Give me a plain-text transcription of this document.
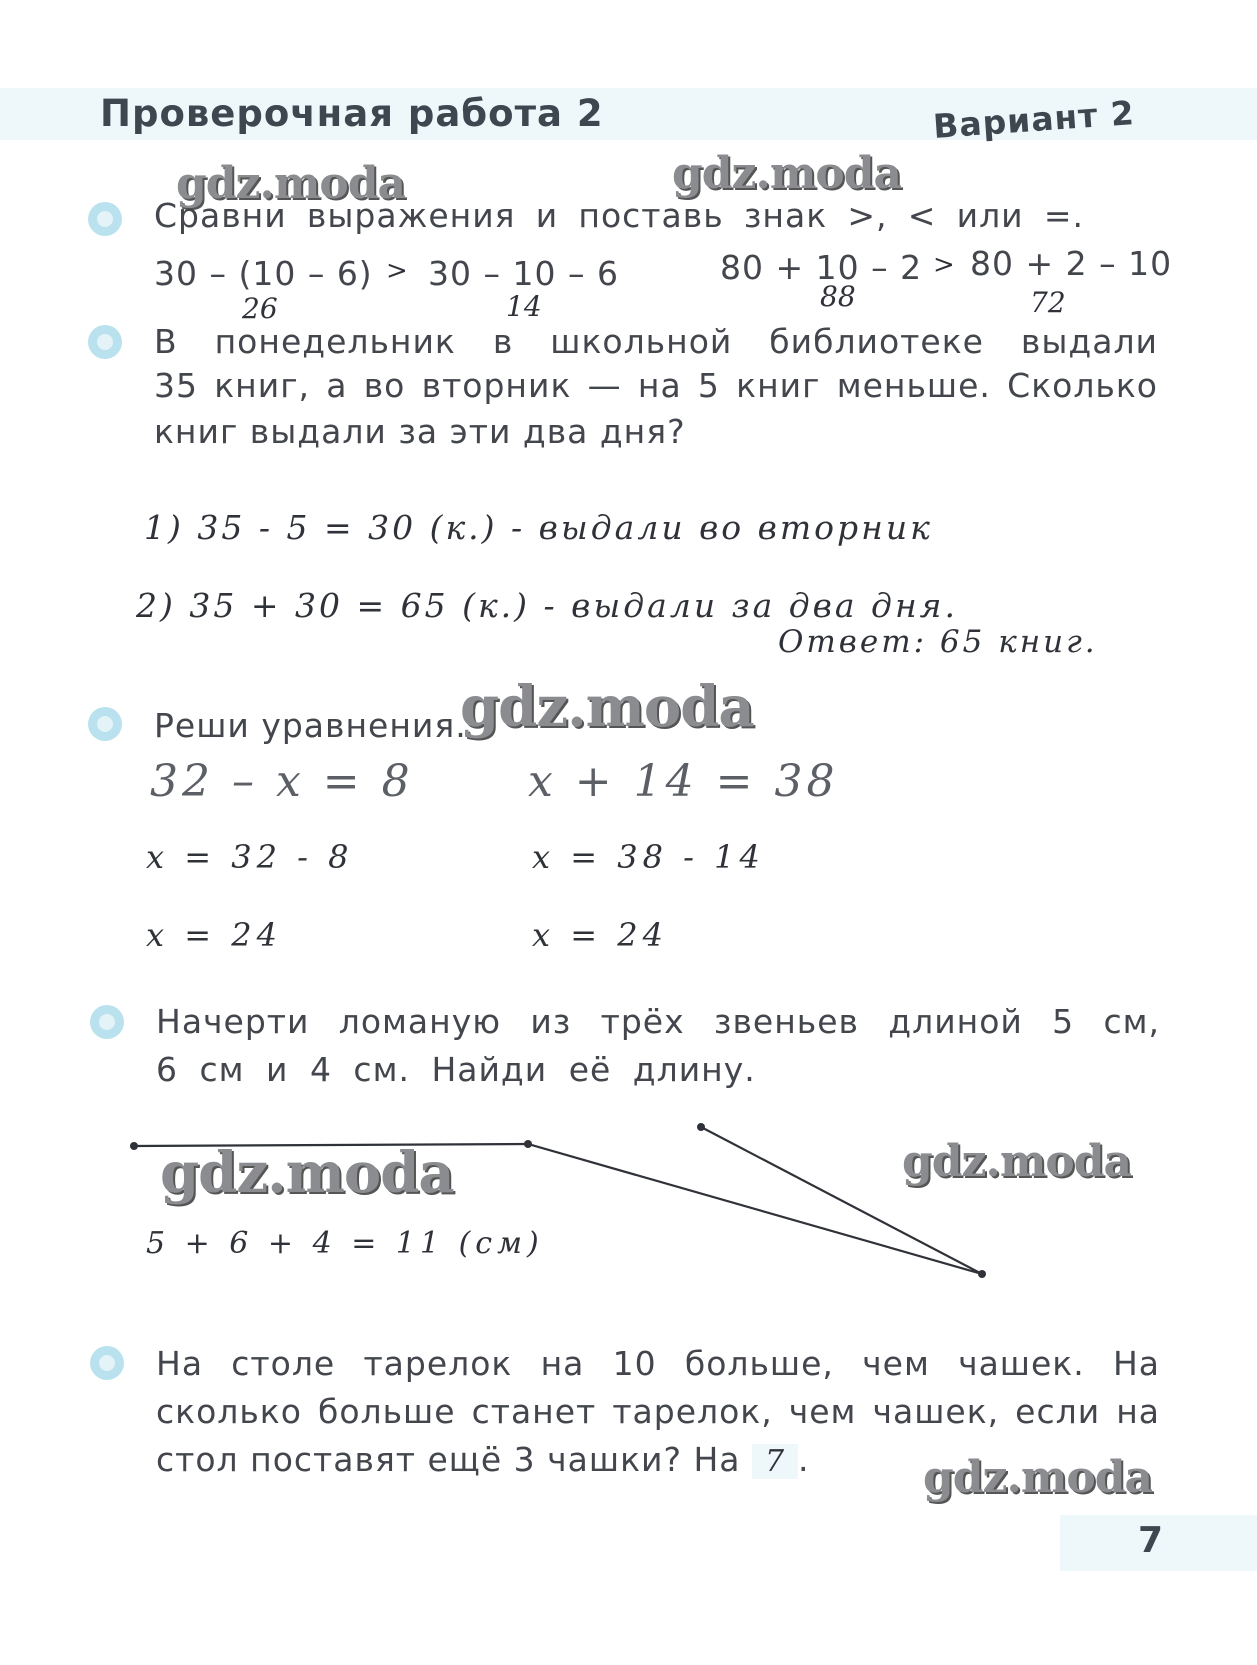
Проверочная работа 2	Вариант 2
gdz.moda	gdz.moda
gdz.moda
gdz.moda	gdz.moda
gdz.moda
Сравни выражения и поставь знак >, < или =.
30 – (10 – 6) > 30 – 10 – 6
26	14
80 + 10 – 2 > 80 + 2 – 10
88	72
В понедельник в школьной библиотеке выдали
35 книг, а во вторник — на 5 книг меньше. Сколько
книг выдали за эти два дня?
1) 35 - 5 = 30 (к.) - выдали во вторник
2) 35 + 30 = 65 (к.) - выдали за два дня.
Ответ: 65 книг.
Реши уравнения.
32 – x = 8
x = 32 - 8
x = 24
x + 14 = 38
x = 38 - 14
x = 24
Начерти ломаную из трёх звеньев длиной 5 см,
6 см и 4 см. Найди её длину.
5 + 6 + 4 = 11 (см)
На столе тарелок на 10 больше, чем чашек. На
сколько больше станет тарелок, чем чашек, если на
стол поставят ещё 3 чашки? На 7 .
7
